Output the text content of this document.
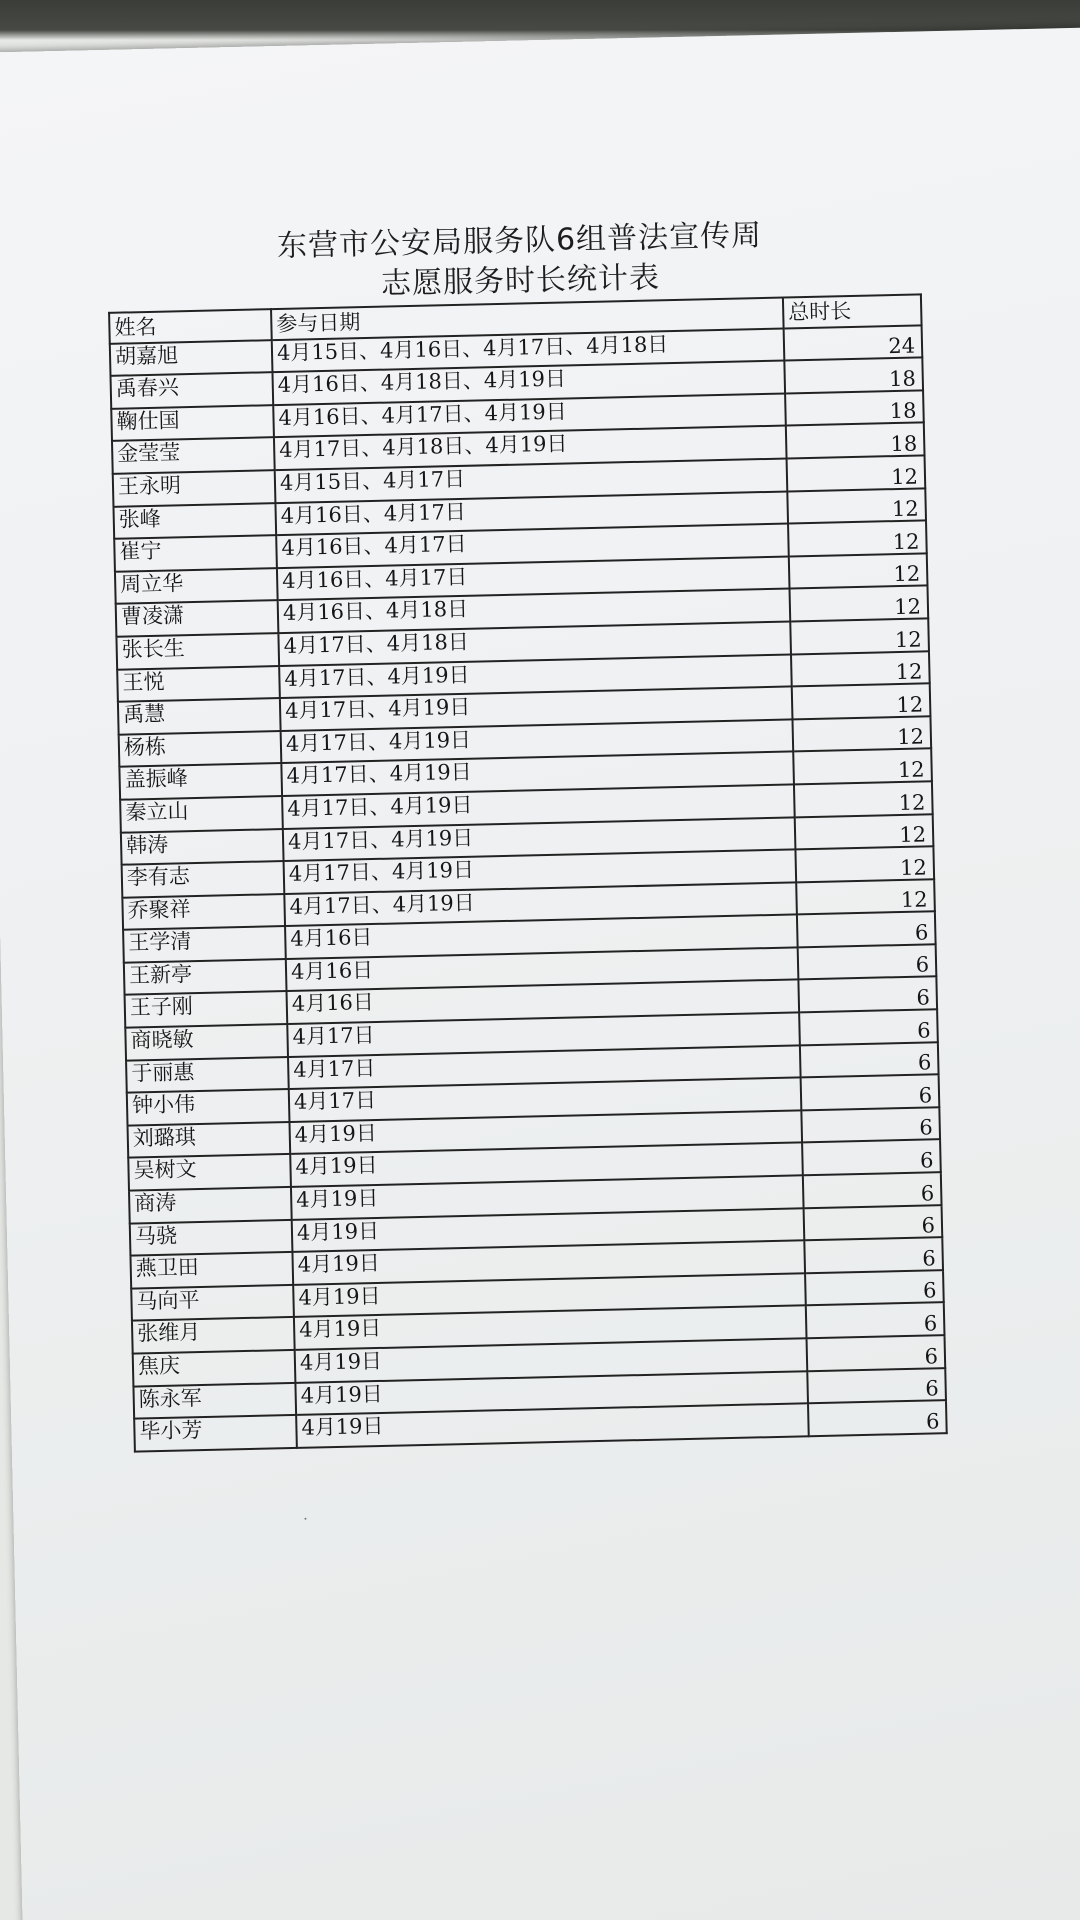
东营市公安局服务队6组普法宣传周
志愿服务时长统计表
姓名	参与日期	总时长
胡嘉旭	4月15日、4月16日、4月17日、4月18日	24
禹春兴	4月16日、4月18日、4月19日	18
鞠仕国	4月16日、4月17日、4月19日	18
金莹莹	4月17日、4月18日、4月19日	18
王永明	4月15日、4月17日	12
张峰	4月16日、4月17日	12
崔宁	4月16日、4月17日	12
周立华	4月16日、4月17日	12
曹凌潇	4月16日、4月18日	12
张长生	4月17日、4月18日	12
王悦	4月17日、4月19日	12
禹慧	4月17日、4月19日	12
杨栋	4月17日、4月19日	12
盖振峰	4月17日、4月19日	12
秦立山	4月17日、4月19日	12
韩涛	4月17日、4月19日	12
李有志	4月17日、4月19日	12
乔聚祥	4月17日、4月19日	12
王学清	4月16日	6
王新亭	4月16日	6
王子刚	4月16日	6
商晓敏	4月17日	6
于丽惠	4月17日	6
钟小伟	4月17日	6
刘璐琪	4月19日	6
吴树文	4月19日	6
商涛	4月19日	6
马骁	4月19日	6
燕卫田	4月19日	6
马向平	4月19日	6
张维月	4月19日	6
焦庆	4月19日	6
陈永军	4月19日	6
毕小芳	4月19日	6
